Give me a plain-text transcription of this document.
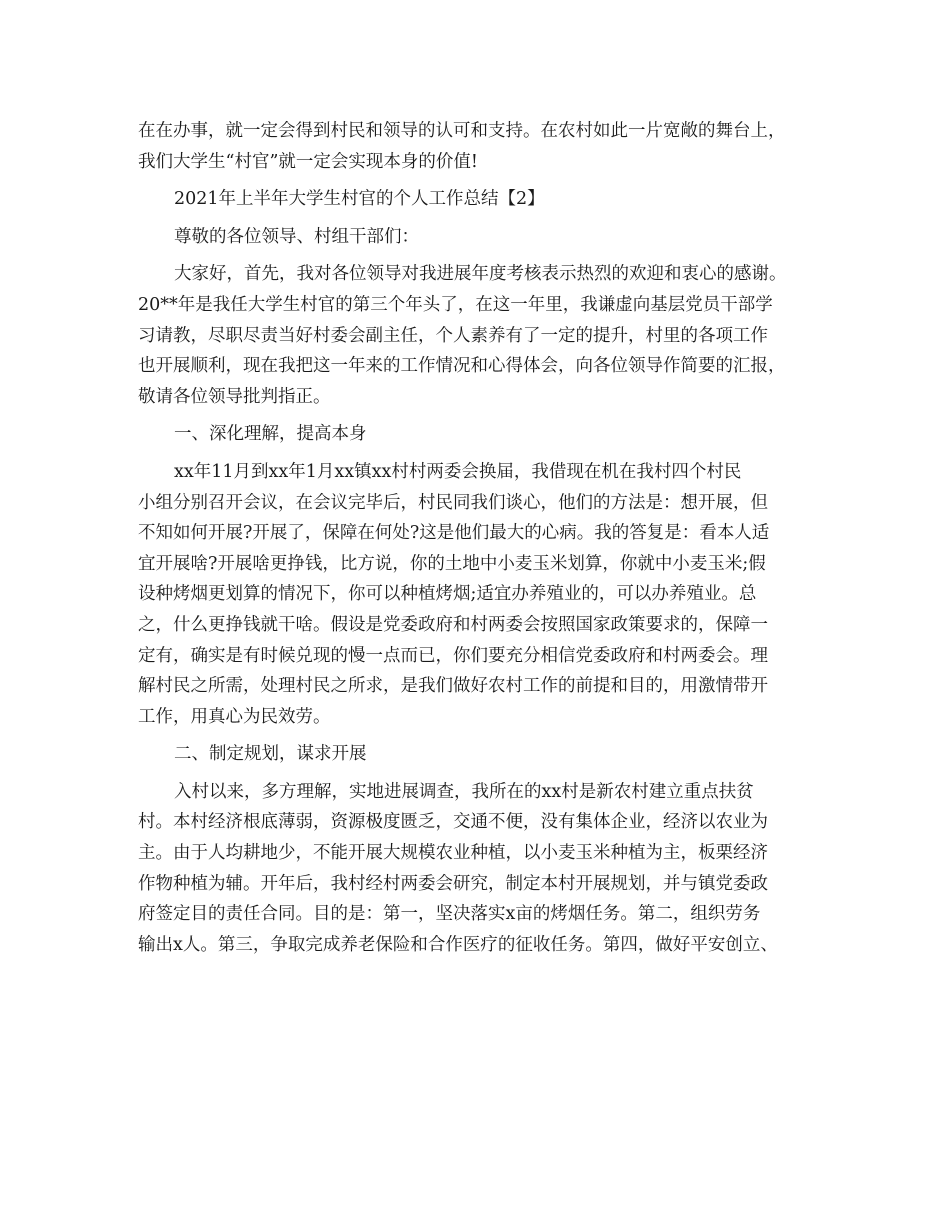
在在办事，就一定会得到村民和领导的认可和支持。在农村如此一片宽敞的舞台上，
我们大学生“村官”就一定会实现本身的价值!
2021年上半年大学生村官的个人工作总结【2】
尊敬的各位领导、村组干部们：
大家好，首先，我对各位领导对我进展年度考核表示热烈的欢迎和衷心的感谢。
20**年是我任大学生村官的第三个年头了，在这一年里，我谦虚向基层党员干部学
习请教，尽职尽责当好村委会副主任，个人素养有了一定的提升，村里的各项工作
也开展顺利，现在我把这一年来的工作情况和心得体会，向各位领导作简要的汇报，
敬请各位领导批判指正。
一、深化理解，提高本身
xx年11月到xx年1月xx镇xx村村两委会换届，我借现在机在我村四个村民
小组分别召开会议，在会议完毕后，村民同我们谈心，他们的方法是：想开展，但
不知如何开展?开展了，保障在何处?这是他们最大的心病。我的答复是：看本人适
宜开展啥?开展啥更挣钱，比方说，你的土地中小麦玉米划算，你就中小麦玉米;假
设种烤烟更划算的情况下，你可以种植烤烟;适宜办养殖业的，可以办养殖业。总
之，什么更挣钱就干啥。假设是党委政府和村两委会按照国家政策要求的，保障一
定有，确实是有时候兑现的慢一点而已，你们要充分相信党委政府和村两委会。理
解村民之所需，处理村民之所求，是我们做好农村工作的前提和目的，用激情带开
工作，用真心为民效劳。
二、制定规划，谋求开展
入村以来，多方理解，实地进展调查，我所在的xx村是新农村建立重点扶贫
村。本村经济根底薄弱，资源极度匮乏，交通不便，没有集体企业，经济以农业为
主。由于人均耕地少，不能开展大规模农业种植，以小麦玉米种植为主，板栗经济
作物种植为辅。开年后，我村经村两委会研究，制定本村开展规划，并与镇党委政
府签定目的责任合同。目的是：第一，坚决落实x亩的烤烟任务。第二，组织劳务
输出x人。第三，争取完成养老保险和合作医疗的征收任务。第四，做好平安创立、
